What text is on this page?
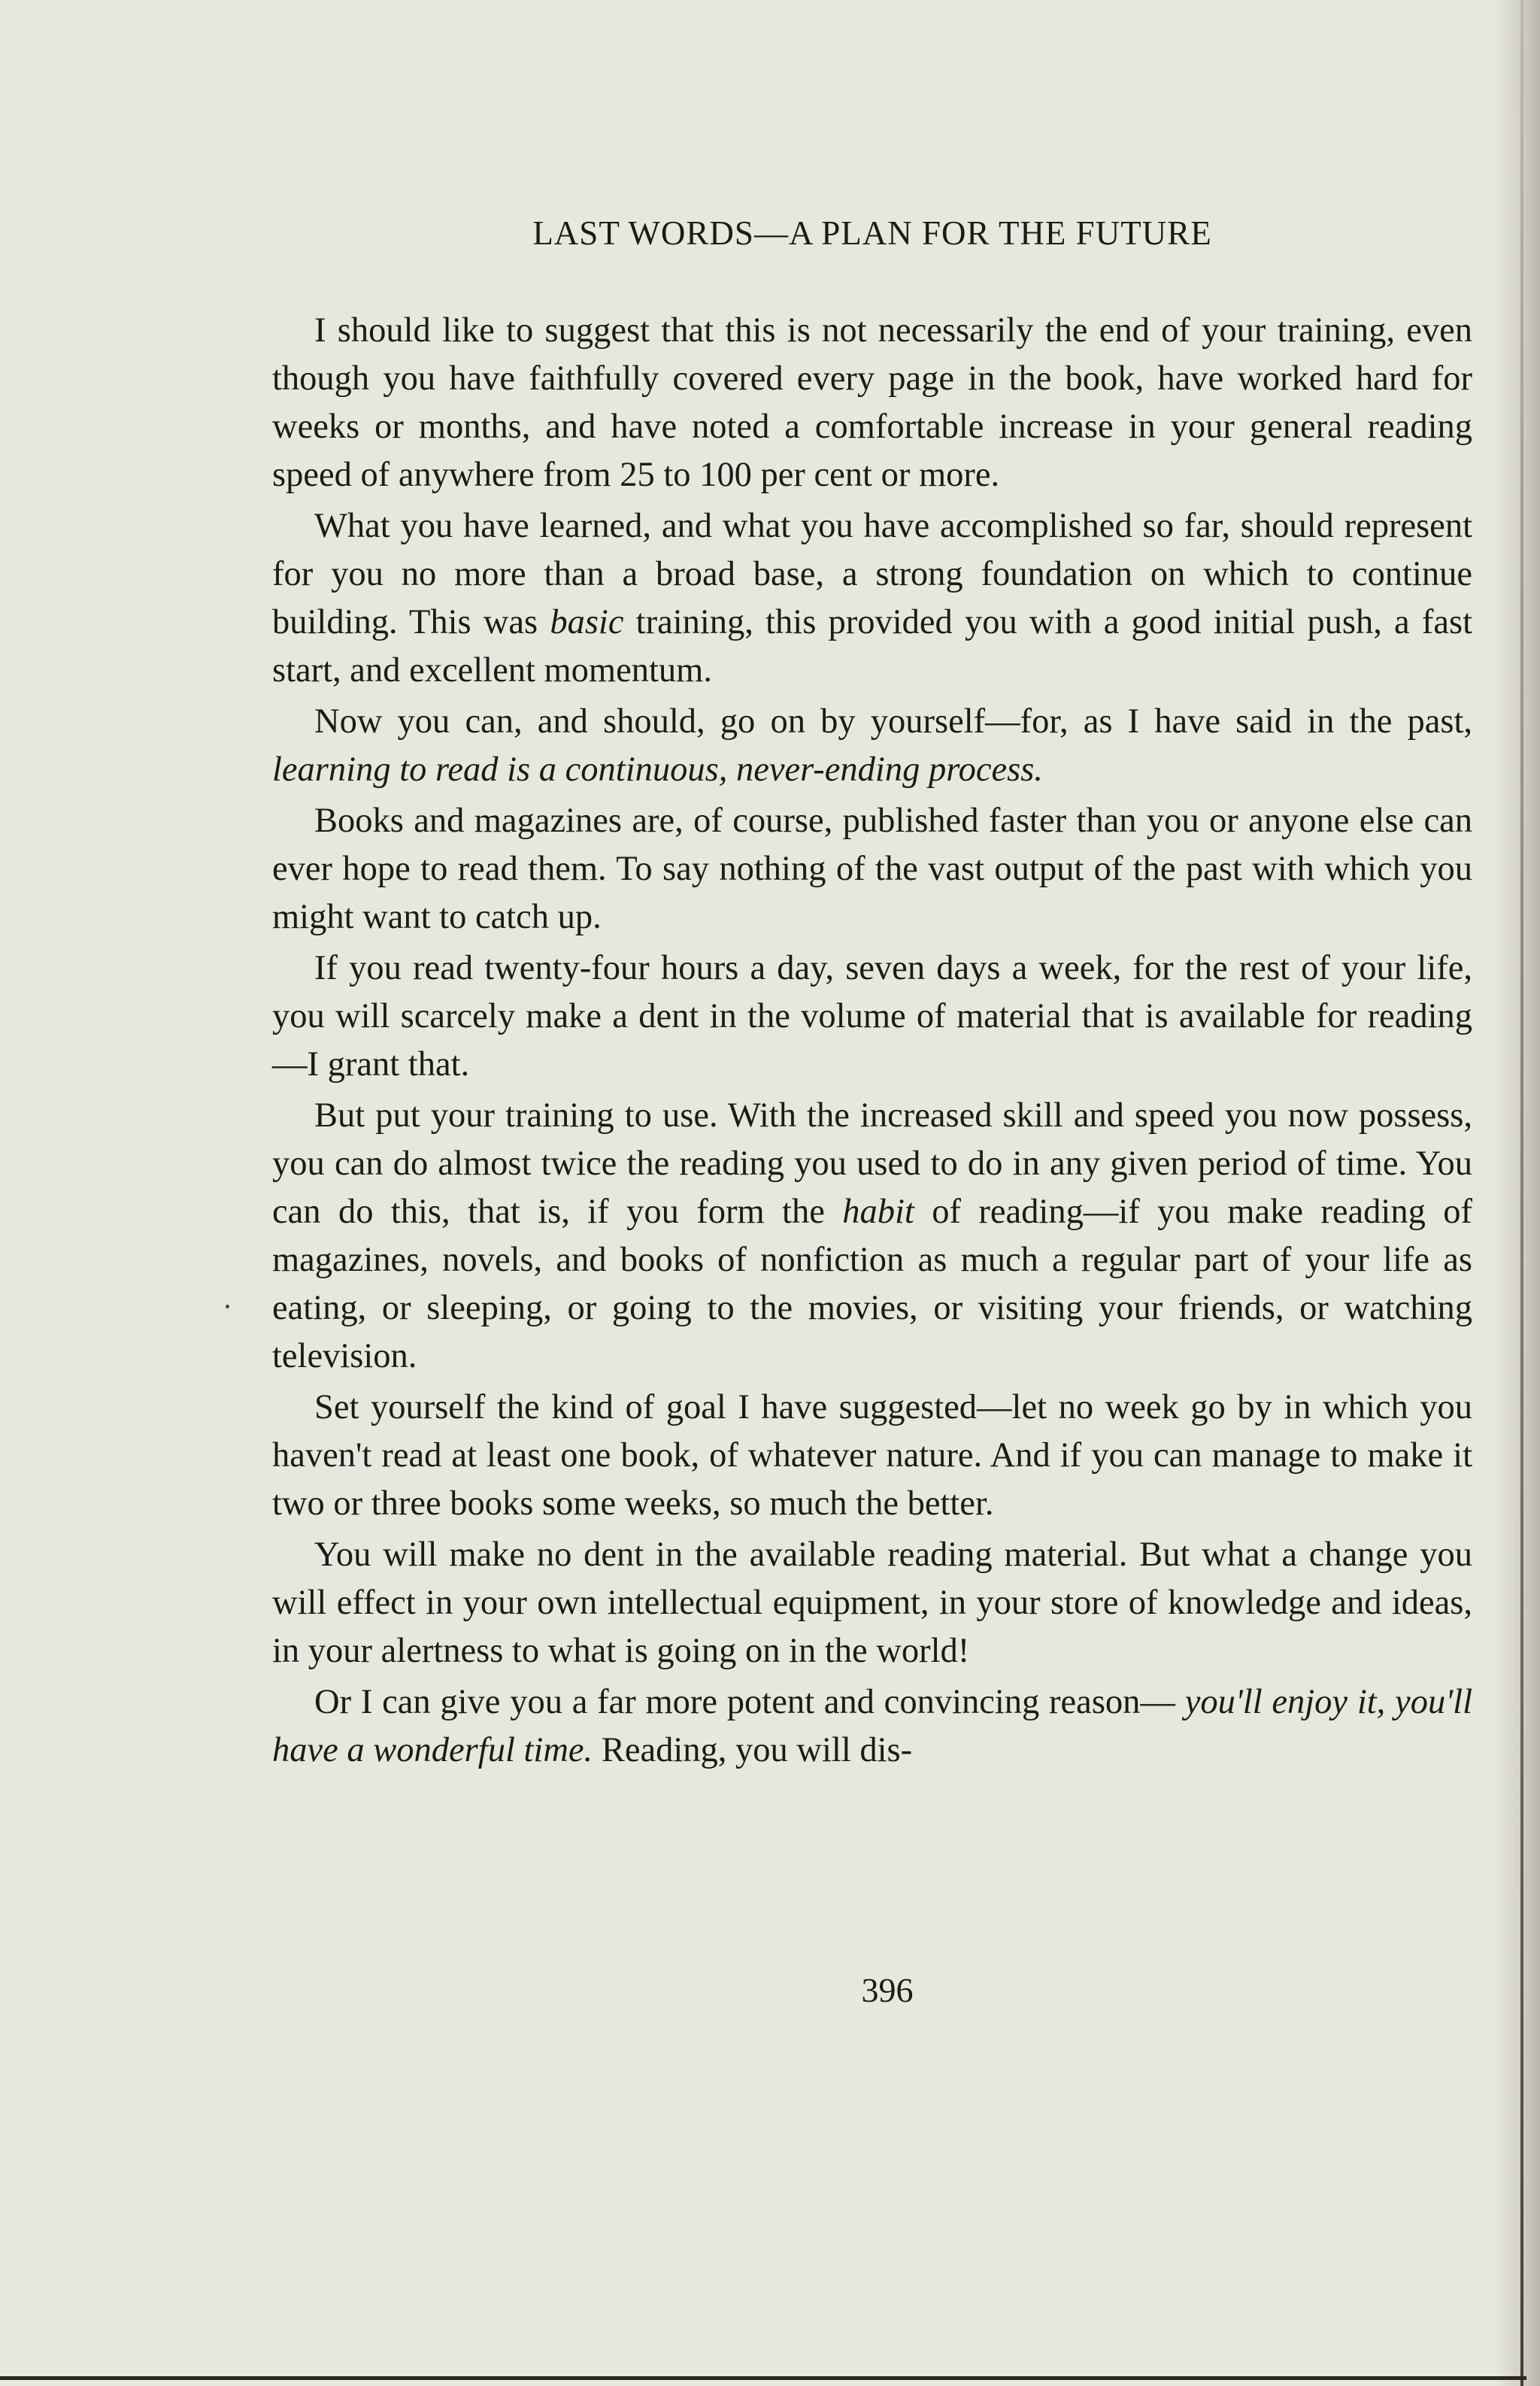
LAST WORDS—A PLAN FOR THE FUTURE

I should like to suggest that this is not necessarily the end of your training, even though you have faithfully covered every page in the book, have worked hard for weeks or months, and have noted a comfortable increase in your general reading speed of anywhere from 25 to 100 per cent or more.

What you have learned, and what you have accomplished so far, should represent for you no more than a broad base, a strong foundation on which to continue building. This was basic training, this provided you with a good initial push, a fast start, and excellent momentum.

Now you can, and should, go on by yourself—for, as I have said in the past, learning to read is a continuous, never-ending process.

Books and magazines are, of course, published faster than you or anyone else can ever hope to read them. To say nothing of the vast output of the past with which you might want to catch up.

If you read twenty-four hours a day, seven days a week, for the rest of your life, you will scarcely make a dent in the volume of material that is available for reading—I grant that.

But put your training to use. With the increased skill and speed you now possess, you can do almost twice the reading you used to do in any given period of time. You can do this, that is, if you form the habit of reading—if you make reading of magazines, novels, and books of nonfiction as much a regular part of your life as eating, or sleeping, or going to the movies, or visiting your friends, or watching television.

Set yourself the kind of goal I have suggested—let no week go by in which you haven't read at least one book, of whatever nature. And if you can manage to make it two or three books some weeks, so much the better.

You will make no dent in the available reading material. But what a change you will effect in your own intellectual equipment, in your store of knowledge and ideas, in your alertness to what is going on in the world!

Or I can give you a far more potent and convincing reason— you'll enjoy it, you'll have a wonderful time. Reading, you will dis-

396
